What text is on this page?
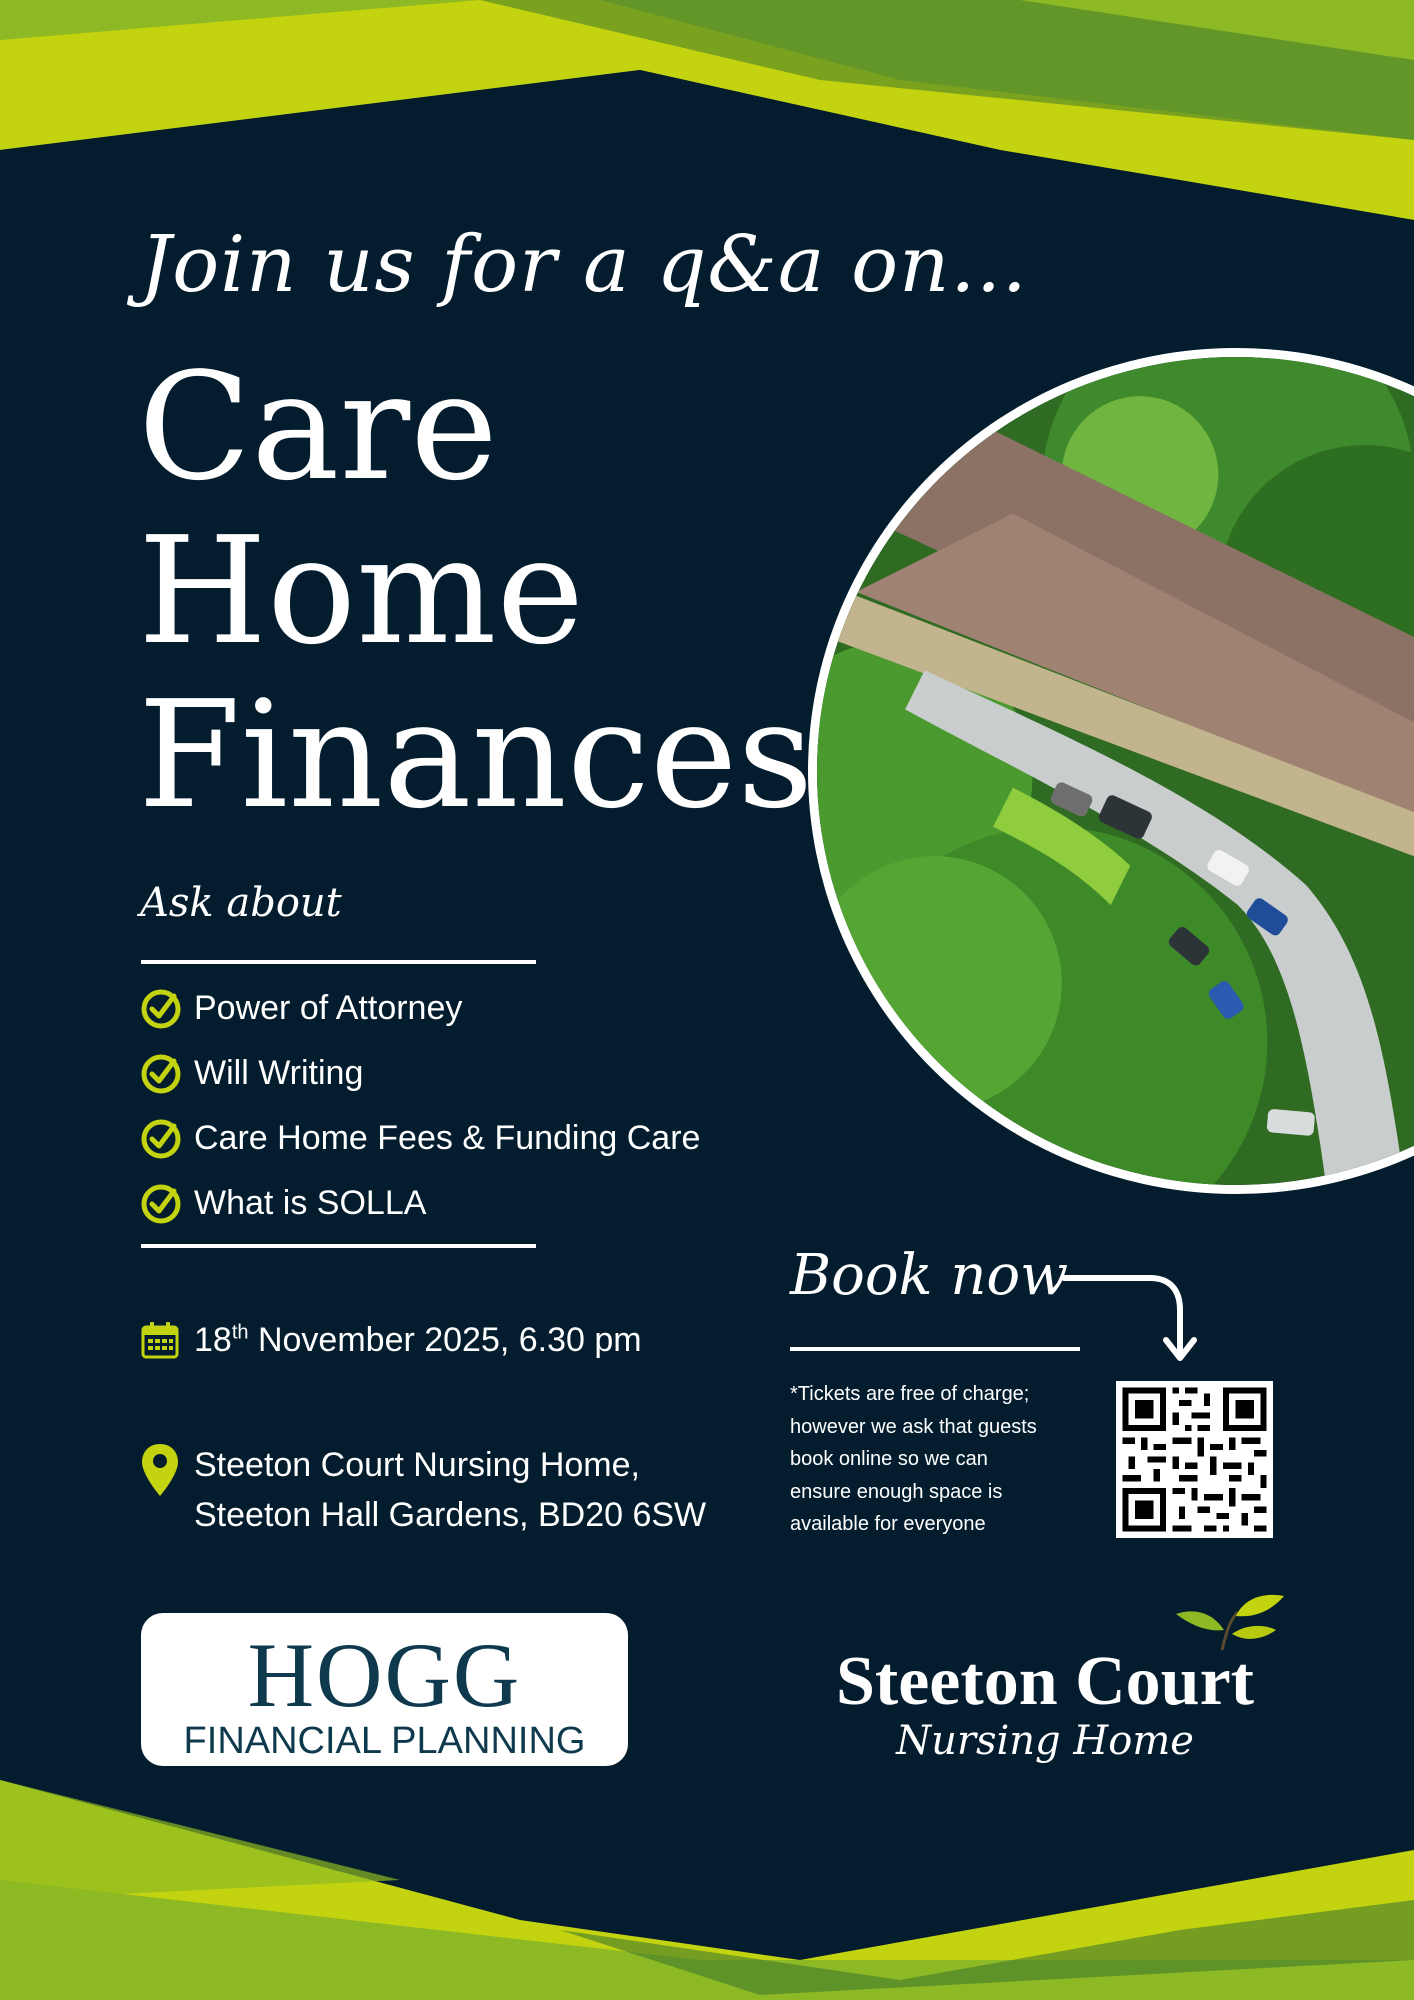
Join us for a q&a on...
Care
Home
Finances
Ask about
Power of Attorney
Will Writing
Care Home Fees & Funding Care
What is SOLLA
18th November 2025, 6.30 pm
Steeton Court Nursing Home,
Steeton Hall Gardens, BD20 6SW
Book now
*Tickets are free of charge;
however we ask that guests
book online so we can
ensure enough space is
available for everyone
HOGG
FINANCIAL PLANNING
Steeton Court
Nursing Home
